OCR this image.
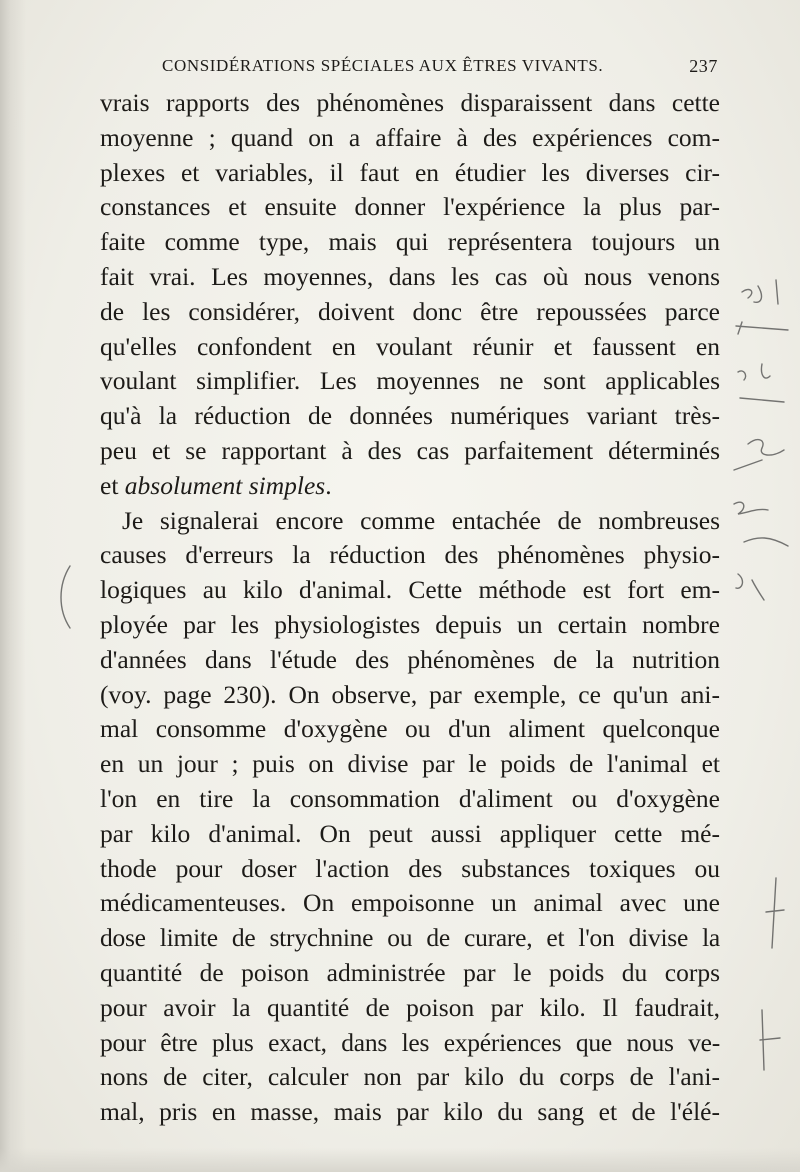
CONSIDÉRATIONS SPÉCIALES AUX ÊTRES VIVANTS.	237

vrais rapports des phénomènes disparaissent dans cette
moyenne ; quand on a affaire à des expériences com-
plexes et variables, il faut en étudier les diverses cir-
constances et ensuite donner l'expérience la plus par-
faite comme type, mais qui représentera toujours un
fait vrai. Les moyennes, dans les cas où nous venons
de les considérer, doivent donc être repoussées parce
qu'elles confondent en voulant réunir et faussent en
voulant simplifier. Les moyennes ne sont applicables
qu'à la réduction de données numériques variant très-
peu et se rapportant à des cas parfaitement déterminés
et absolument simples.

Je signalerai encore comme entachée de nombreuses
causes d'erreurs la réduction des phénomènes physio-
logiques au kilo d'animal. Cette méthode est fort em-
ployée par les physiologistes depuis un certain nombre
d'années dans l'étude des phénomènes de la nutrition
(voy. page 230). On observe, par exemple, ce qu'un ani-
mal consomme d'oxygène ou d'un aliment quelconque
en un jour ; puis on divise par le poids de l'animal et
l'on en tire la consommation d'aliment ou d'oxygène
par kilo d'animal. On peut aussi appliquer cette mé-
thode pour doser l'action des substances toxiques ou
médicamenteuses. On empoisonne un animal avec une
dose limite de strychnine ou de curare, et l'on divise la
quantité de poison administrée par le poids du corps
pour avoir la quantité de poison par kilo. Il faudrait,
pour être plus exact, dans les expériences que nous ve-
nons de citer, calculer non par kilo du corps de l'ani-
mal, pris en masse, mais par kilo du sang et de l'élé-
